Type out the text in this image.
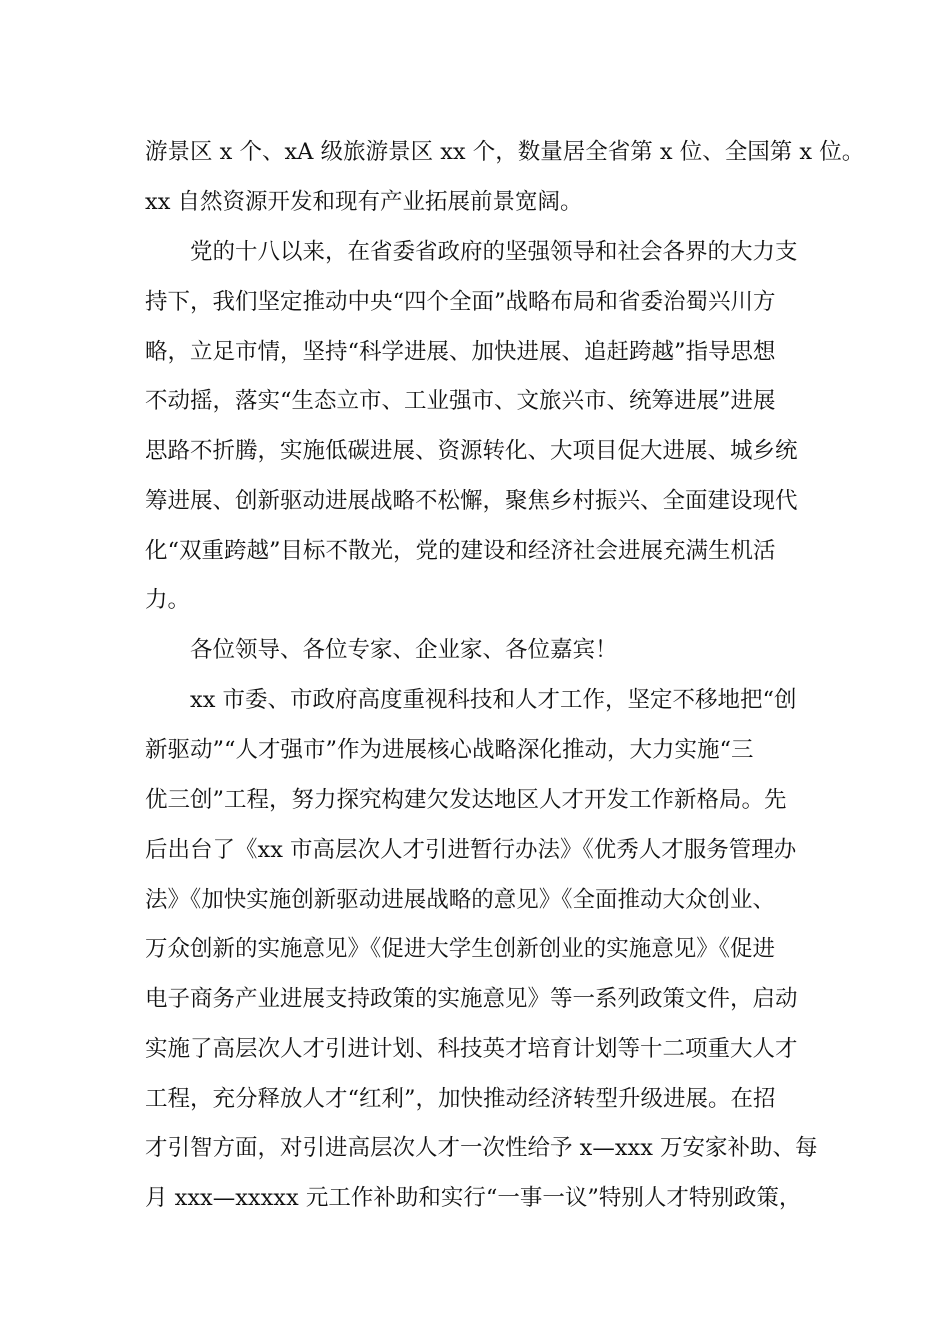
游景区 x 个、xA 级旅游景区 xx 个，数量居全省第 x 位、全国第 x 位。
xx 自然资源开发和现有产业拓展前景宽阔。
党的十八以来，在省委省政府的坚强领导和社会各界的大力支
持下，我们坚定推动中央“四个全面”战略布局和省委治蜀兴川方
略，立足市情，坚持“科学进展、加快进展、追赶跨越”指导思想
不动摇，落实“生态立市、工业强市、文旅兴市、统筹进展”进展
思路不折腾，实施低碳进展、资源转化、大项目促大进展、城乡统
筹进展、创新驱动进展战略不松懈，聚焦乡村振兴、全面建设现代
化“双重跨越”目标不散光，党的建设和经济社会进展充满生机活
力。
各位领导、各位专家、企业家、各位嘉宾！
xx 市委、市政府高度重视科技和人才工作，坚定不移地把“创
新驱动”“人才强市”作为进展核心战略深化推动，大力实施“三
优三创”工程，努力探究构建欠发达地区人才开发工作新格局。先
后出台了《xx 市高层次人才引进暂行办法》《优秀人才服务管理办
法》《加快实施创新驱动进展战略的意见》《全面推动大众创业、
万众创新的实施意见》《促进大学生创新创业的实施意见》《促进
电子商务产业进展支持政策的实施意见》等一系列政策文件，启动
实施了高层次人才引进计划、科技英才培育计划等十二项重大人才
工程，充分释放人才“红利”，加快推动经济转型升级进展。在招
才引智方面，对引进高层次人才一次性给予 x—xxx 万安家补助、每
月 xxx—xxxxx 元工作补助和实行“一事一议”特别人才特别政策，
